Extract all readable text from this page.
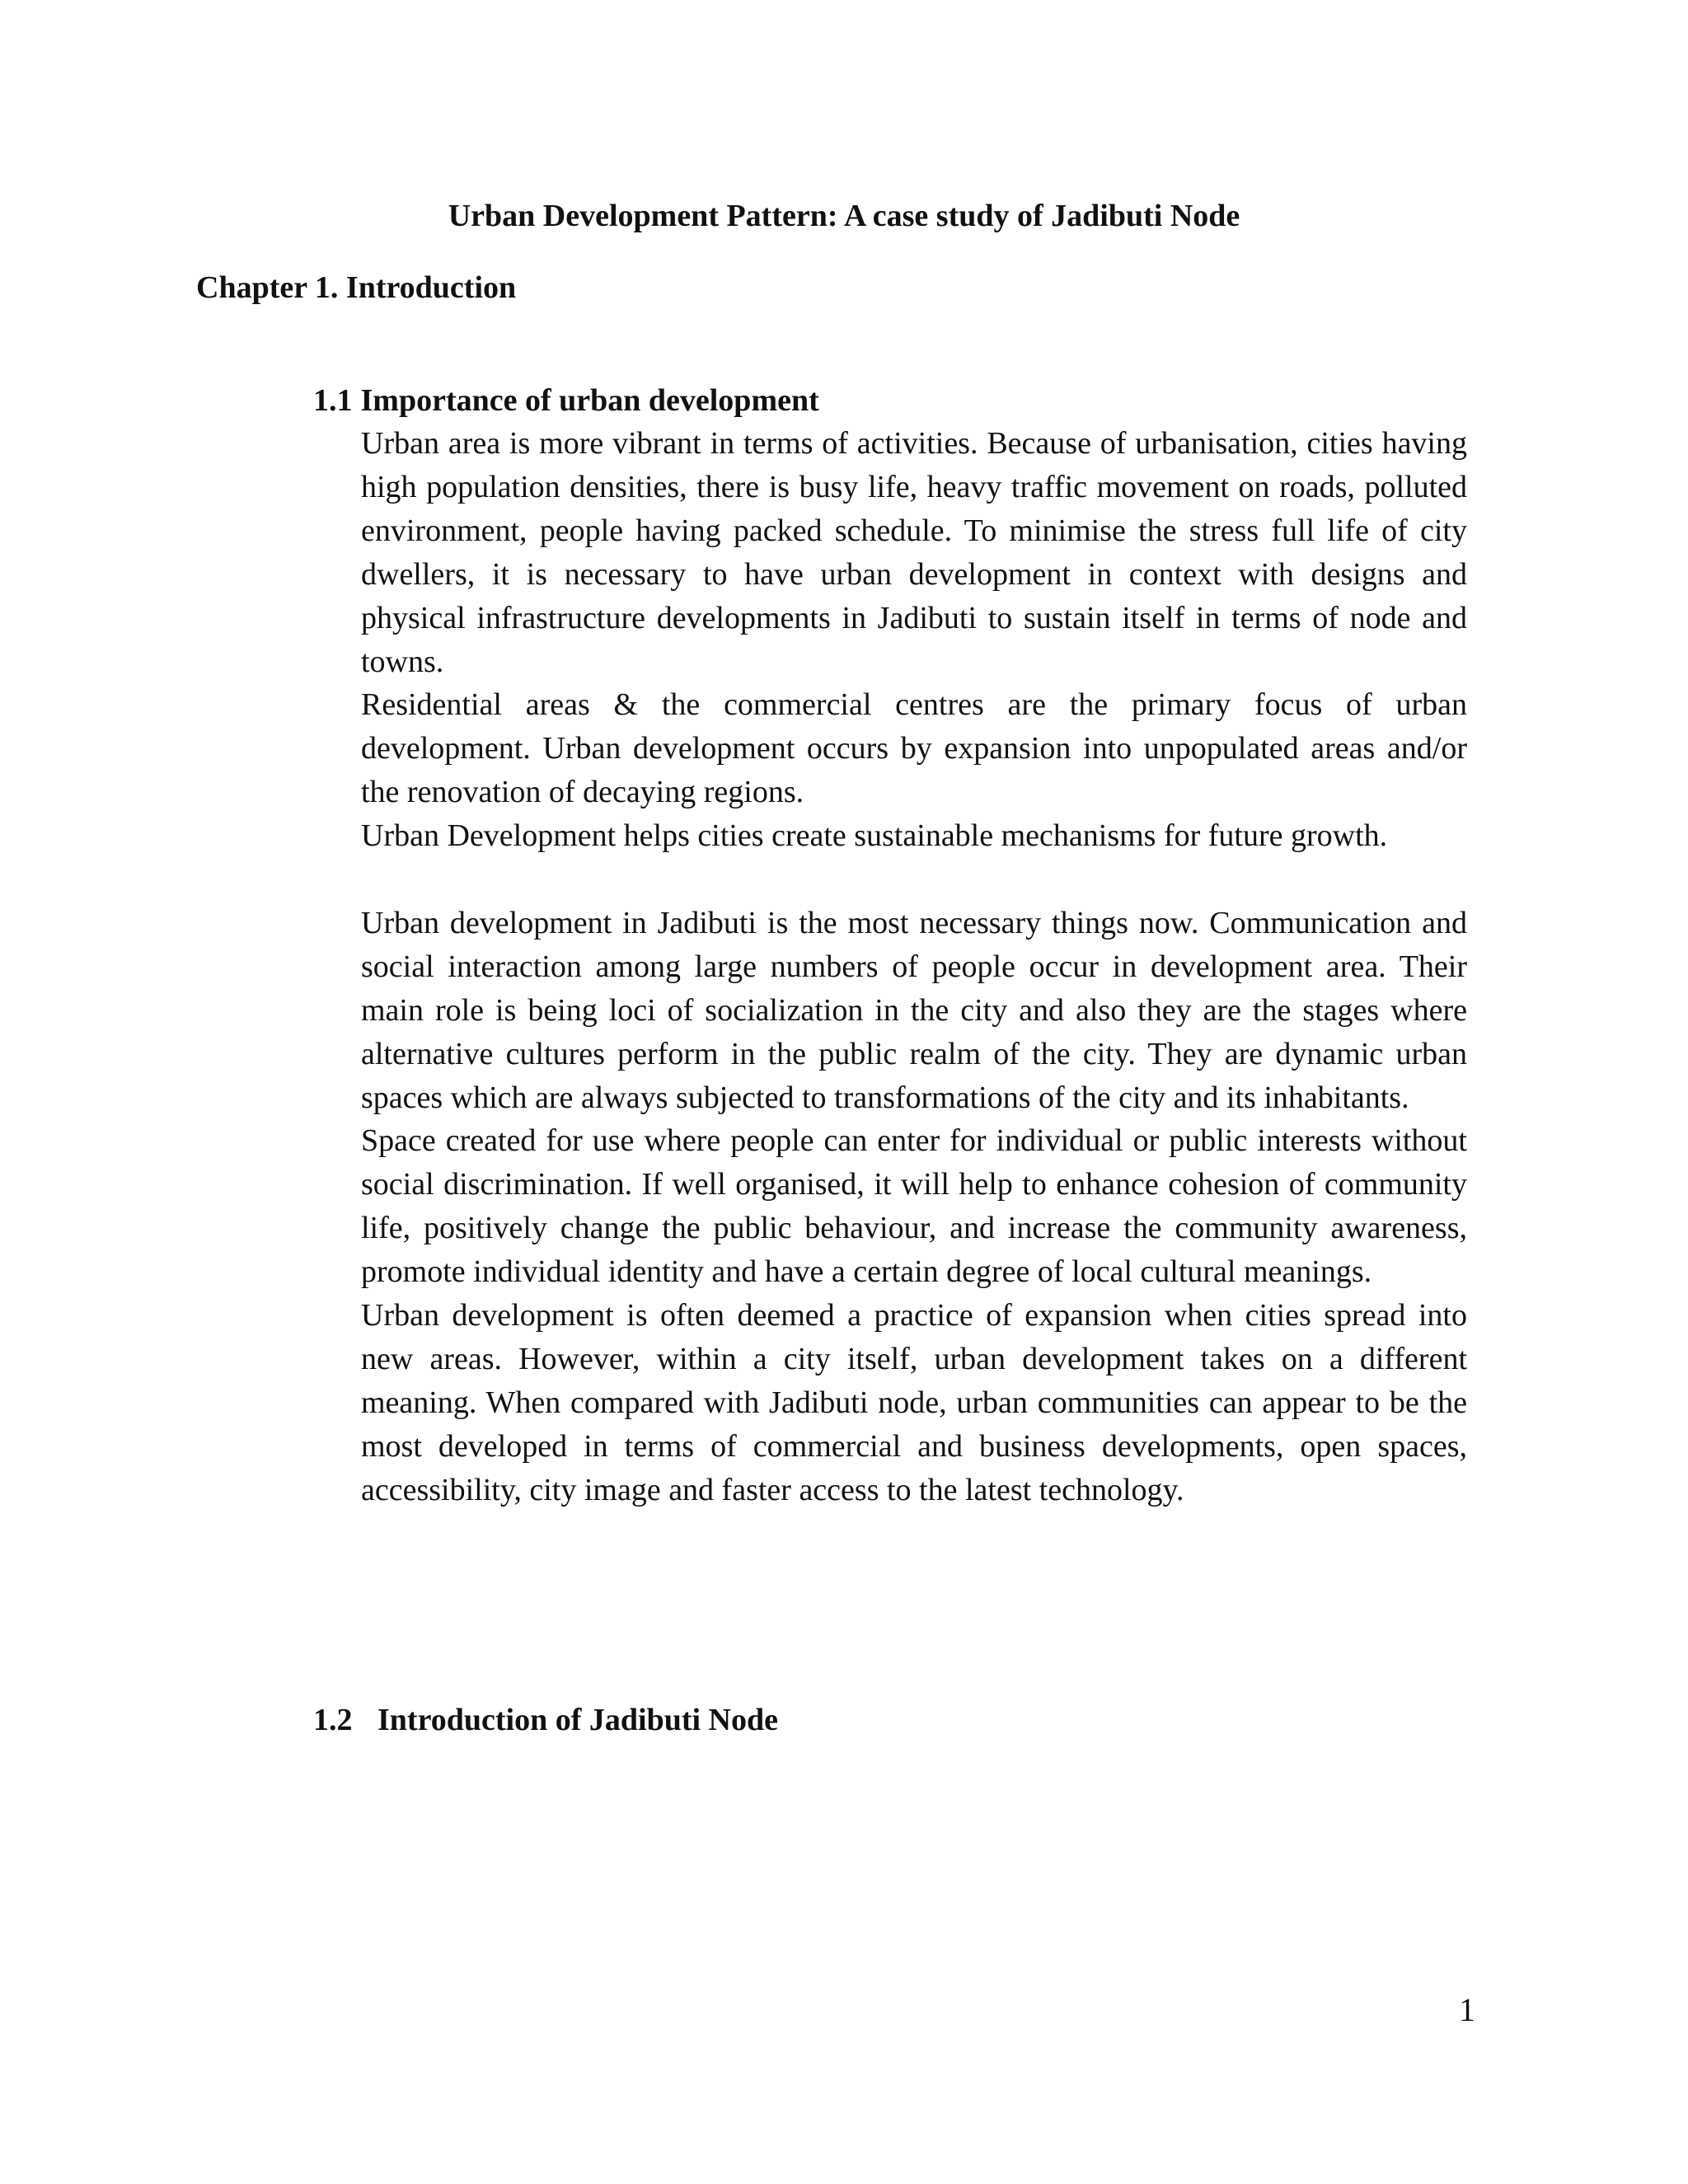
Urban Development Pattern: A case study of Jadibuti Node
Chapter 1. Introduction
1.1 Importance of urban development

Urban area is more vibrant in terms of activities. Because of urbanisation, cities having high population densities, there is busy life, heavy traffic movement on roads, polluted environment, people having packed schedule. To minimise the stress full life of city dwellers, it is necessary to have urban development in context with designs and physical infrastructure developments in Jadibuti to sustain itself in terms of node and towns.

Residential areas & the commercial centres are the primary focus of urban development. Urban development occurs by expansion into unpopulated areas and/or the renovation of decaying regions.

Urban Development helps cities create sustainable mechanisms for future growth.

Urban development in Jadibuti is the most necessary things now. Communication and social interaction among large numbers of people occur in development area. Their main role is being loci of socialization in the city and also they are the stages where alternative cultures perform in the public realm of the city. They are dynamic urban spaces which are always subjected to transformations of the city and its inhabitants.

Space created for use where people can enter for individual or public interests without social discrimination. If well organised, it will help to enhance cohesion of community life, positively change the public behaviour, and increase the community awareness, promote individual identity and have a certain degree of local cultural meanings.

Urban development is often deemed a practice of expansion when cities spread into new areas. However, within a city itself, urban development takes on a different meaning. When compared with Jadibuti node, urban communities can appear to be the most developed in terms of commercial and business developments, open spaces, accessibility, city image and faster access to the latest technology.

1.2 Introduction of Jadibuti Node
1
